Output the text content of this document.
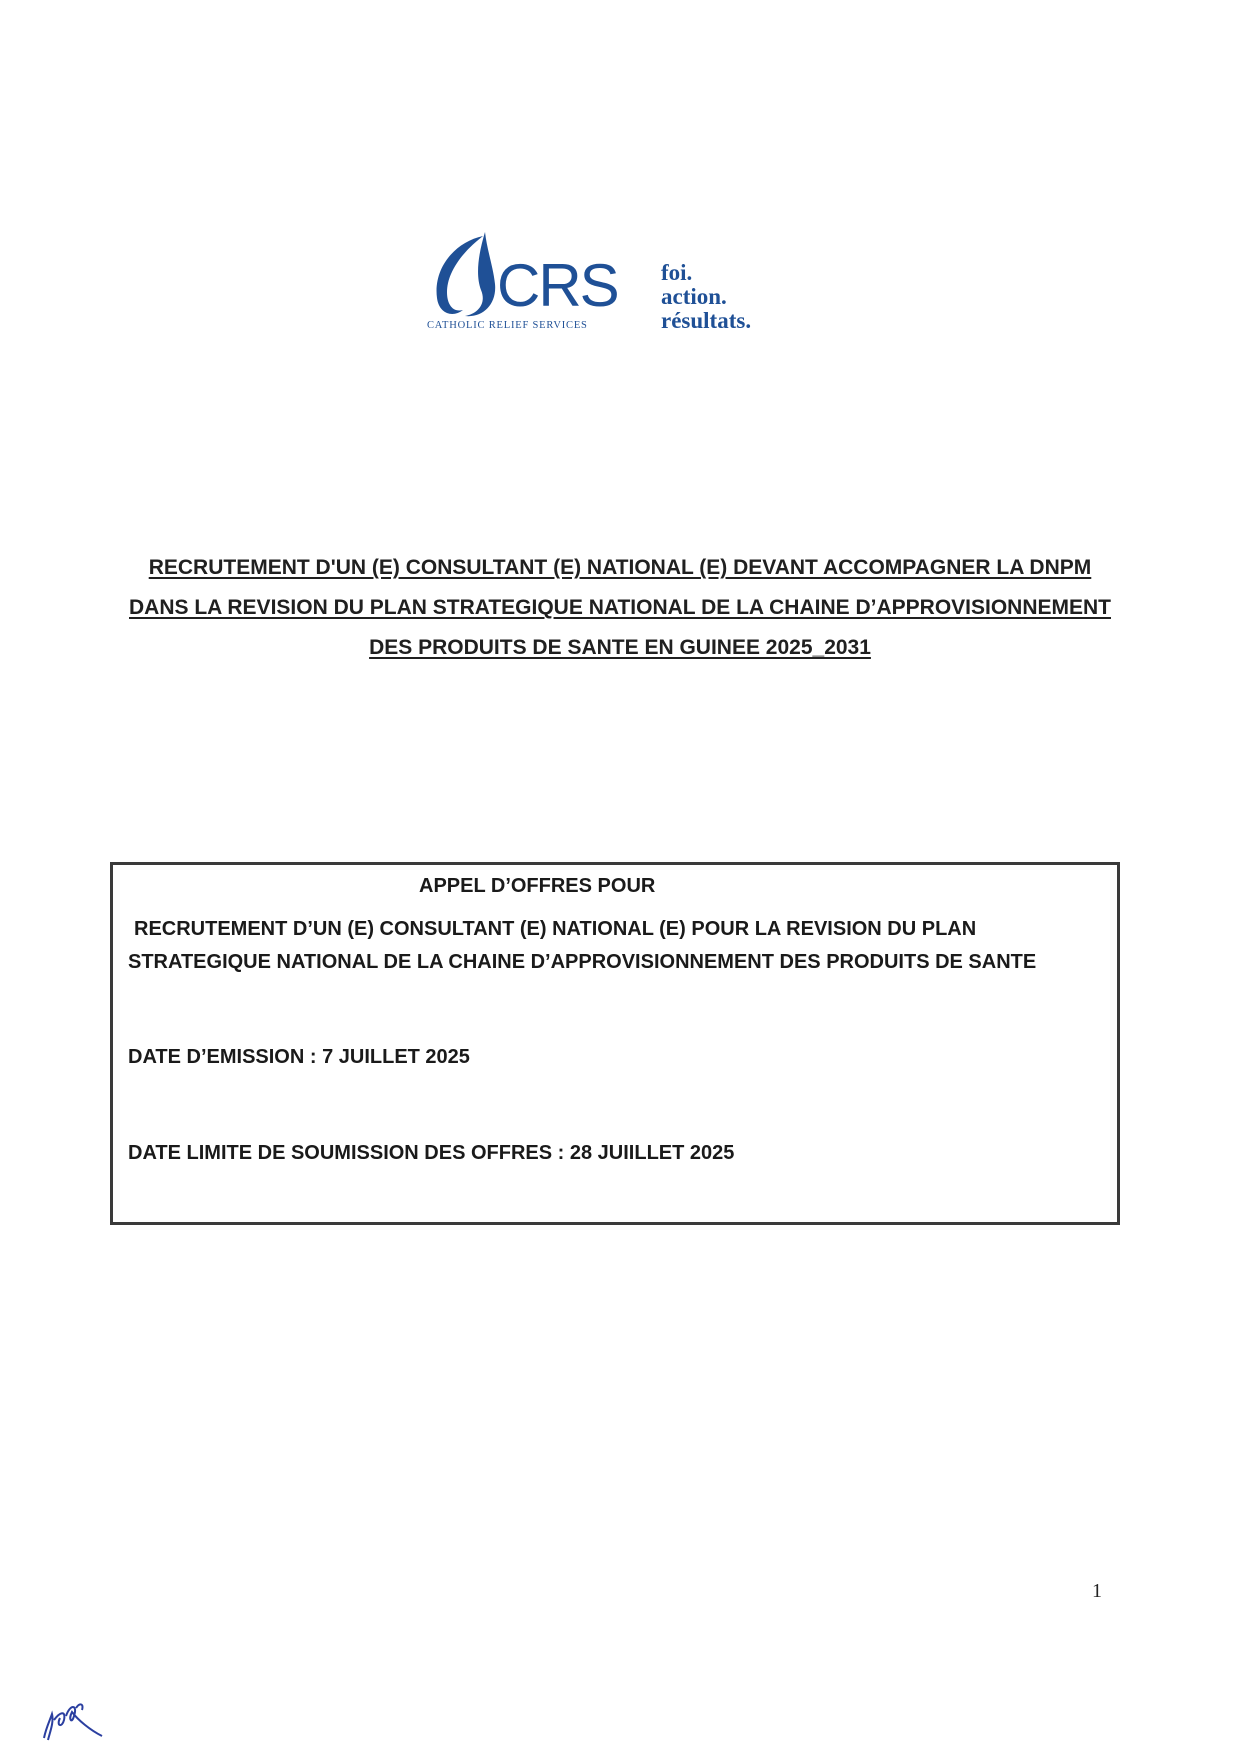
CRS
CATHOLIC RELIEF SERVICES
foi.
action.
résultats.
RECRUTEMENT D'UN (E) CONSULTANT (E) NATIONAL (E) DEVANT ACCOMPAGNER LA DNPM
DANS LA REVISION DU PLAN STRATEGIQUE NATIONAL DE LA CHAINE D’APPROVISIONNEMENT
DES PRODUITS DE SANTE EN GUINEE 2025_2031
APPEL D’OFFRES POUR
RECRUTEMENT D’UN (E) CONSULTANT (E) NATIONAL (E) POUR LA REVISION DU PLAN
STRATEGIQUE NATIONAL DE LA CHAINE D’APPROVISIONNEMENT DES PRODUITS DE SANTE
DATE D’EMISSION : 7 JUILLET 2025
DATE LIMITE DE SOUMISSION DES OFFRES : 28 JUIILLET 2025
1
